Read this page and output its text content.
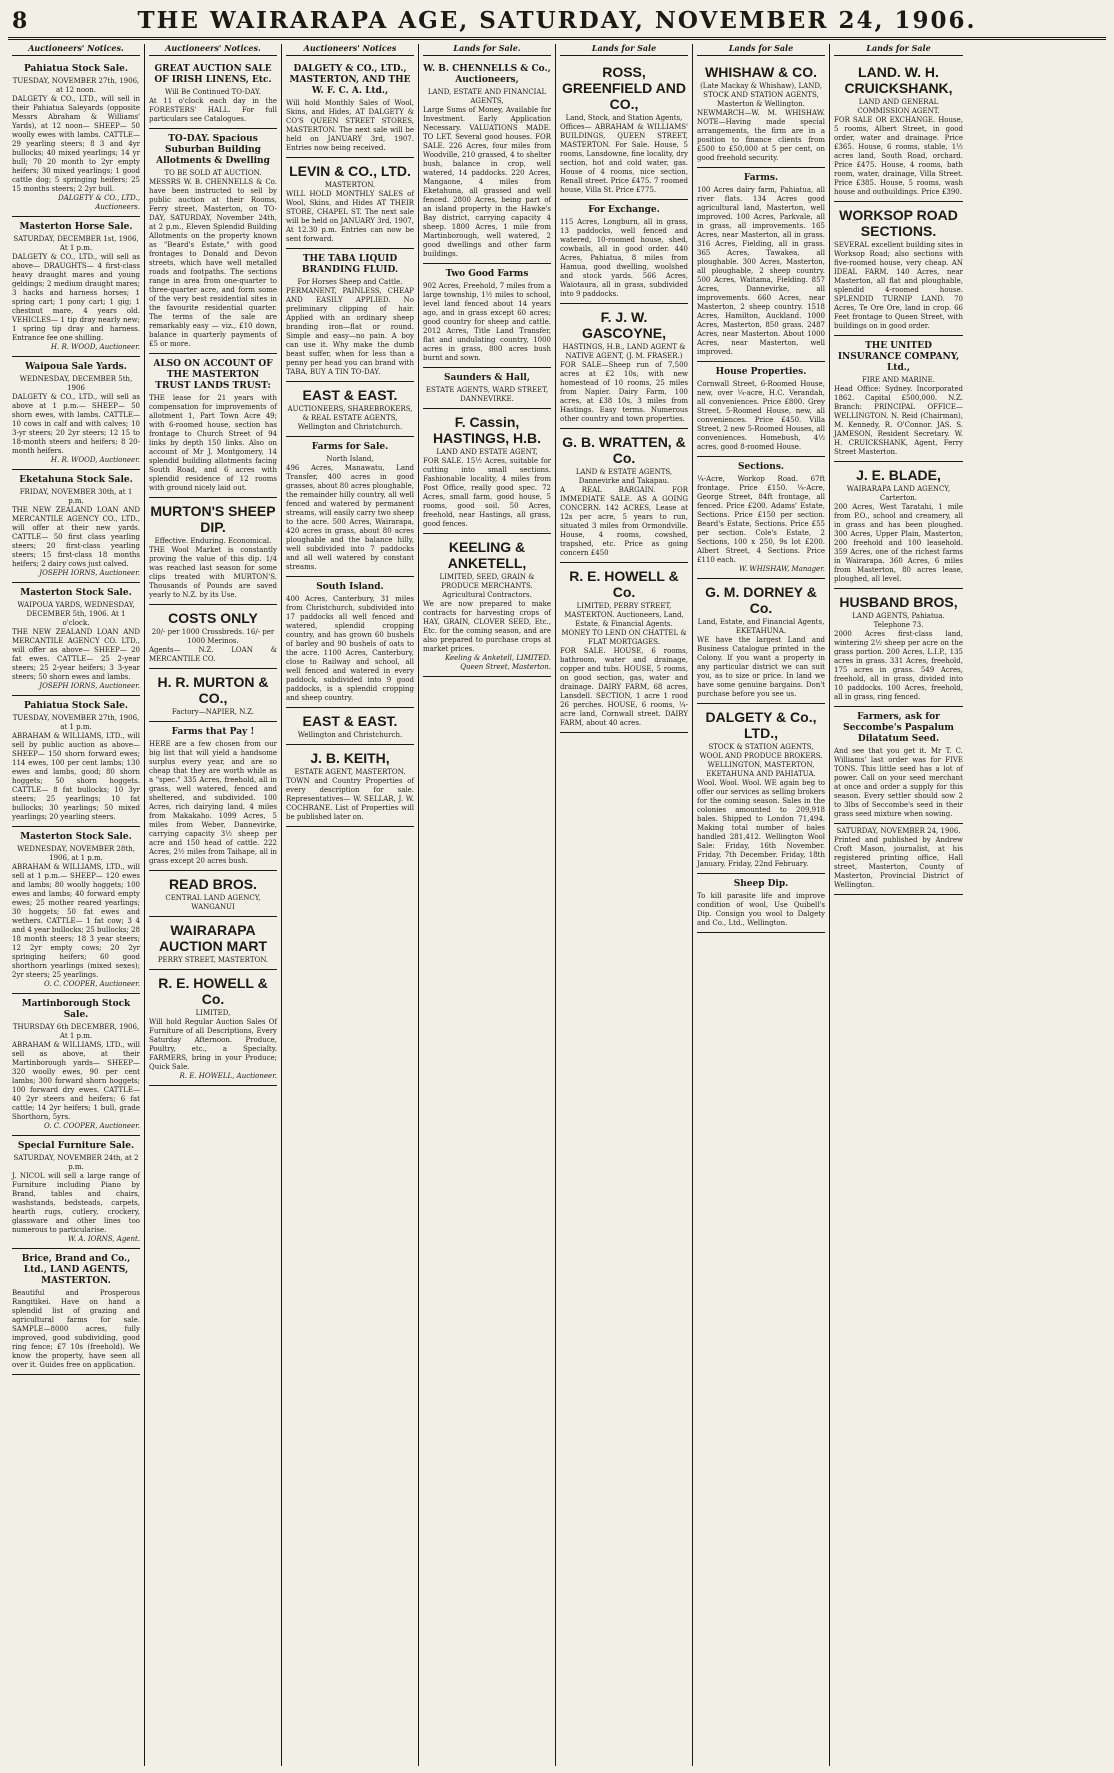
8	THE WAIRARAPA AGE, SATURDAY, NOVEMBER 24, 1906.
Auctioneers' Notices.
Pahiatua Stock Sale.
TUESDAY, NOVEMBER 27th, 1906, at 12 noon.
DALGETY & CO., LTD., will sell in their Pahiatua Saleyards (opposite Messrs Abraham & Williams' Yards), at 12 noon— SHEEP— 50 woolly ewes with lambs. CATTLE— 29 yearling steers; 8 3 and 4yr bullocks; 40 mixed yearlings; 14 yr bull; 70 20 month to 2yr empty heifers; 30 mixed yearlings; 1 good cattle dog; 5 springing heifers; 25 15 months steers; 2 2yr bull.
DALGETY & CO., LTD., Auctioneers.
Masterton Horse Sale.
SATURDAY, DECEMBER 1st, 1906, At 1 p.m.
DALGETY & CO., LTD., will sell as above— DRAUGHTS— 4 first-class heavy draught mares and young geldings; 2 medium draught mares; 3 hacks and harness horses; 1 spring cart; 1 pony cart; 1 gig; 1 chestnut mare, 4 years old. VEHICLES— 1 tip dray nearly new; 1 spring tip dray and harness. Entrance fee one shilling.
H. R. WOOD, Auctioneer.
Waipoua Sale Yards.
WEDNESDAY, DECEMBER 5th, 1906
DALGETY & CO., LTD., will sell as above at 1 p.m.— SHEEP— 50 shorn ewes, with lambs. CATTLE— 10 cows in calf and with calves; 10 3-yr steers; 20 2yr steers; 12 15 to 18-month steers and heifers; 8 20-month heifers.
H. R. WOOD, Auctioneer.
Eketahuna Stock Sale.
FRIDAY, NOVEMBER 30th, at 1 p.m.
THE NEW ZEALAND LOAN AND MERCANTILE AGENCY CO., LTD., will offer at their new yards. CATTLE— 50 first class yearling steers; 20 first-class yearling steers; 15 first-class 18 months heifers; 2 dairy cows just calved.
JOSEPH IORNS, Auctioneer.
Masterton Stock Sale.
WAIPOUA YARDS, WEDNESDAY, DECEMBER 5th, 1906. At 1 o'clock.
THE NEW ZEALAND LOAN AND MERCANTILE AGENCY CO. LTD., will offer as above— SHEEP— 20 fat ewes. CATTLE— 25 2-year steers; 25 2-year heifers; 3 3-year steers; 50 shorn ewes and lambs.
JOSEPH IORNS, Auctioneer.
Pahiatua Stock Sale.
TUESDAY, NOVEMBER 27th, 1906, at 1 p.m.
ABRAHAM & WILLIAMS, LTD., will sell by public auction as above— SHEEP— 150 shorn forward ewes; 114 ewes, 100 per cent lambs; 130 ewes and lambs, good; 80 shorn hoggets; 50 shorn hoggets. CATTLE— 8 fat bullocks; 10 3yr steers; 25 yearlings; 10 fat bullocks; 30 yearlings; 50 mixed yearlings; 20 yearling steers.
Masterton Stock Sale.
WEDNESDAY, NOVEMBER 28th, 1906, at 1 p.m.
ABRAHAM & WILLIAMS, LTD., will sell at 1 p.m.— SHEEP— 120 ewes and lambs; 80 woolly hoggets; 100 ewes and lambs; 40 forward empty ewes; 25 mother reared yearlings; 30 hoggets; 50 fat ewes and wethers. CATTLE— 1 fat cow; 3 4 and 4 year bullocks; 25 bullocks; 28 18 month steers; 18 3 year steers; 12 2yr empty cows; 20 2yr springing heifers; 60 good shorthorn yearlings (mixed sexes); 2yr steers; 25 yearlings.
O. C. COOPER, Auctioneer.
Martinborough Stock Sale.
THURSDAY 6th DECEMBER, 1906, At 1 p.m.
ABRAHAM & WILLIAMS, LTD., will sell as above, at their Martinborough yards— SHEEP— 320 woolly ewes, 90 per cent lambs; 300 forward shorn hoggets; 100 forward dry ewes. CATTLE— 40 2yr steers and heifers; 6 fat cattle; 14 2yr heifers; 1 bull, grade Shorthorn, 5yrs.
O. C. COOPER, Auctioneer.
Special Furniture Sale.
SATURDAY, NOVEMBER 24th, at 2 p.m.
J. NICOL will sell a large range of Furniture including Piano by Brand, tables and chairs, washstands, bedsteads, carpets, hearth rugs, cutlery, crockery, glassware and other lines too numerous to particularise.
W. A. IORNS, Agent.
Brice, Brand and Co., Ltd., LAND AGENTS, MASTERTON.
Beautiful and Prosperous Rangitikei. Have on hand a splendid list of grazing and agricultural farms for sale. SAMPLE—8000 acres, fully improved, good subdividing, good ring fence; £7 10s (freehold). We know the property, have seen all over it. Guides free on application.
Auctioneers' Notices.
GREAT AUCTION SALE OF IRISH LINENS, Etc.
Will Be Continued TO-DAY.
At 11 o'clock each day in the FORESTERS' HALL. For full particulars see Catalogues.
TO-DAY. Spacious Suburban Building Allotments & Dwelling
TO BE SOLD AT AUCTION.
MESSRS W. B. CHENNELLS & Co. have been instructed to sell by public auction at their Rooms, Ferry street, Masterton, on TO-DAY, SATURDAY, November 24th, at 2 p.m., Eleven Splendid Building Allotments on the property known as "Beard's Estate," with good frontages to Donald and Devon streets, which have well metalled roads and footpaths. The sections range in area from one-quarter to three-quarter acre, and form some of the very best residential sites in the favourite residential quarter. The terms of the sale are remarkably easy — viz., £10 down, balance in quarterly payments of £5 or more.
ALSO ON ACCOUNT OF THE MASTERTON TRUST LANDS TRUST:
THE lease for 21 years with compensation for improvements of allotment 1, Part Town Acre 49; with 6-roomed house, section has frontage to Church Street of 94 links by depth 150 links. Also on account of Mr J. Montgomery, 14 splendid building allotments facing South Road, and 6 acres with splendid residence of 12 rooms with ground nicely laid out.
MURTON'S SHEEP DIP.
Effective. Enduring. Economical.
THE Wool Market is constantly proving the value of this dip. 1/4 was reached last season for some clips treated with MURTON'S. Thousands of Pounds are saved yearly to N.Z. by its Use.
COSTS ONLY
20/- per 1000 Crossbreds. 16/- per 1000 Merinos.
Agents— N.Z. LOAN & MERCANTILE CO.
H. R. MURTON & CO.,
Factory—NAPIER, N.Z.
Farms that Pay !
HERE are a few chosen from our big list that will yield a handsome surplus every year, and are so cheap that they are worth while as a "spec." 335 Acres, freehold, all in grass, well watered, fenced and sheltered, and subdivided. 100 Acres, rich dairying land, 4 miles from Makakaho. 1099 Acres, 5 miles from Weber, Dannevirke, carrying capacity 3½ sheep per acre and 150 head of cattle. 222 Acres, 2½ miles from Taihape, all in grass except 20 acres bush.
READ BROS.
CENTRAL LAND AGENCY, WANGANUI
WAIRARAPA AUCTION MART
PERRY STREET, MASTERTON.
R. E. HOWELL & Co.
LIMITED,
Will hold Regular Auction Sales Of Furniture of all Descriptions, Every Saturday Afternoon. Produce, Poultry, etc., a Specialty. FARMERS, bring in your Produce; Quick Sale.
R. E. HOWELL, Auctioneer.
Auctioneers' Notices
DALGETY & CO., LTD., MASTERTON, AND THE W. F. C. A. Ltd.,
Will hold Monthly Sales of Wool, Skins, and Hides, AT DALGETY & CO'S QUEEN STREET STORES, MASTERTON. The next sale will be held on JANUARY 3rd, 1907. Entries now being received.
LEVIN & CO., LTD.
MASTERTON.
WILL HOLD MONTHLY SALES of Wool, Skins, and Hides AT THEIR STORE, CHAPEL ST. The next sale will be held on JANUARY 3rd, 1907, At 12.30 p.m. Entries can now be sent forward.
THE TABA LIQUID BRANDING FLUID.
For Horses Sheep and Cattle.
PERMANENT, PAINLESS, CHEAP AND EASILY APPLIED. No preliminary clipping of hair. Applied with an ordinary sheep branding iron—flat or round. Simple and easy—no pain. A boy can use it. Why make the dumb beast suffer, when for less than a penny per head you can brand with TABA, BUY A TIN TO-DAY.
EAST & EAST.
AUCTIONEERS, SHAREBROKERS, & REAL ESTATE AGENTS, Wellington and Christchurch.
Farms for Sale.
North Island,
496 Acres, Manawatu, Land Transfer, 400 acres in good grasses, about 80 acres ploughable, the remainder hilly country, all well fenced and watered by permanent streams, will easily carry two sheep to the acre. 500 Acres, Wairarapa, 420 acres in grass, about 80 acres ploughable and the balance hilly, well subdivided into 7 paddocks and all well watered by constant streams.
South Island.
400 Acres, Canterbury, 31 miles from Christchurch, subdivided into 17 paddocks all well fenced and watered, splendid cropping country, and has grown 60 bushels of barley and 90 bushels of oats to the acre. 1100 Acres, Canterbury, close to Railway and school, all well fenced and watered in every paddock, subdivided into 9 good paddocks, is a splendid cropping and sheep country.
EAST & EAST.
Wellington and Christchurch.
J. B. KEITH,
ESTATE AGENT, MASTERTON.
TOWN and Country Properties of every description for sale. Representatives— W. SELLAR, J. W. COCHRANE. List of Properties will be published later on.
Lands for Sale.
W. B. CHENNELLS & Co., Auctioneers,
LAND, ESTATE AND FINANCIAL AGENTS,
Large Sums of Money, Available for Investment. Early Application Necessary. VALUATIONS MADE. TO LET. Several good houses. FOR SALE. 226 Acres, four miles from Woodville, 210 grassed, 4 to shelter bush, balance in crop, well watered, 14 paddocks. 220 Acres, Mangaone, 4 miles from Eketahuna, all grassed and well fenced. 2800 Acres, being part of an island property in the Hawke's Bay district, carrying capacity 4 sheep. 1800 Acres, 1 mile from Martinborough, well watered, 2 good dwellings and other farm buildings.
Two Good Farms
902 Acres, Freehold, 7 miles from a large township, 1½ miles to school, level land fenced about 14 years ago, and in grass except 60 acres; good country for sheep and cattle. 2012 Acres, Title Land Transfer, flat and undulating country, 1000 acres in grass, 800 acres bush burnt and sown.
Saunders & Hall,
ESTATE AGENTS, WARD STREET, DANNEVIRKE.
F. Cassin, HASTINGS, H.B.
LAND AND ESTATE AGENT,
FOR SALE. 15½ Acres, suitable for cutting into small sections. Fashionable locality, 4 miles from Post Office, really good spec. 72 Acres, small farm, good house, 5 rooms, good soil. 50 Acres, freehold, near Hastings, all grass, good fences.
KEELING & ANKETELL,
LIMITED, SEED, GRAIN & PRODUCE MERCHANTS. Agricultural Contractors.
We are now prepared to make contracts for harvesting crops of HAY, GRAIN, CLOVER SEED, Etc., Etc. for the coming season, and are also prepared to purchase crops at market prices.
Keeling & Anketell, LIMITED. Queen Street, Masterton.
Lands for Sale
ROSS, GREENFIELD AND CO.,
Land, Stock, and Station Agents,
Offices— ABRAHAM & WILLIAMS' BUILDINGS, QUEEN STREET, MASTERTON. For Sale. House, 5 rooms, Lansdowne, fine locality, dry section, hot and cold water, gas. House of 4 rooms, nice section, Renall street. Price £475. 7 roomed house, Villa St. Price £775.
For Exchange.
115 Acres, Longburn, all in grass, 13 paddocks, well fenced and watered, 10-roomed house, shed, cowbails, all in good order. 440 Acres, Pahiatua, 8 miles from Hamua, good dwelling, woolshed and stock yards. 566 Acres, Waiotaura, all in grass, subdivided into 9 paddocks.
F. J. W. GASCOYNE,
HASTINGS, H.B., LAND AGENT & NATIVE AGENT, (J. M. FRASER.)
FOR SALE—Sheep run of 7,500 acres at £2 10s, with new homestead of 10 rooms, 25 miles from Napier. Dairy Farm, 100 acres, at £38 10s, 3 miles from Hastings. Easy terms. Numerous other country and town properties.
G. B. WRATTEN, & Co.
LAND & ESTATE AGENTS, Dannevirke and Takapau.
A REAL BARGAIN. FOR IMMEDIATE SALE. AS A GOING CONCERN. 142 ACRES, Lease at 12s per acre, 5 years to run, situated 3 miles from Ormondville. House, 4 rooms, cowshed, trapshed, etc. Price as going concern £450
R. E. HOWELL & Co.
LIMITED, PERRY STREET, MASTERTON. Auctioneers, Land, Estate, & Financial Agents. MONEY TO LEND ON CHATTEL & FLAT MORTGAGES.
FOR SALE. HOUSE, 6 rooms, bathroom, water and drainage, copper and tubs. HOUSE, 5 rooms, on good section, gas, water and drainage. DAIRY FARM, 68 acres, Lansdell. SECTION, 1 acre 1 rood 26 perches. HOUSE, 6 rooms, ¼-acre land, Cornwall street. DAIRY FARM, about 40 acres.
Lands for Sale
WHISHAW & CO.
(Late Mackay & Whishaw), LAND, STOCK AND STATION AGENTS, Masterton & Wellington.
NEWMARCH—W. M. WHISHAW. NOTE—Having made special arrangements, the firm are in a position to finance clients from £500 to £50,000 at 5 per cent, on good freehold security.
Farms.
100 Acres dairy farm, Pahiatua, all river flats. 134 Acres good agricultural land, Masterton, well improved. 100 Acres, Parkvale, all in grass, all improvements. 165 Acres, near Masterton, all in grass. 316 Acres, Fielding, all in grass. 365 Acres, Tawakea, all ploughable. 300 Acres, Masterton, all ploughable, 2 sheep country. 500 Acres, Waitama, Fielding. 857 Acres, Dannevirke, all improvements. 660 Acres, near Masterton, 2 sheep country. 1518 Acres, Hamilton, Auckland. 1000 Acres, Masterton, 850 grass. 2487 Acres, near Masterton. About 1000 Acres, near Masterton, well improved.
House Properties.
Cornwall Street, 6-Roomed House, new, over ¼-acre, H.C. Verandah, all conveniences. Price £800. Grey Street, 5-Roomed House, new, all conveniences. Price £450. Villa Street, 2 new 5-Roomed Houses, all conveniences. Homebush, 4½ acres, good 8-roomed House.
Sections.
¼-Acre, Workop Road. 67ft frontage. Price £150. ¼-Acre, George Street, 84ft frontage, all fenced. Price £200. Adams' Estate, Sections. Price £150 per section. Beard's Estate, Sections. Price £55 per section. Cole's Estate, 2 Sections, 100 x 250, 9s lot £200. Albert Street, 4 Sections. Price £110 each.
W. WHISHAW, Manager.
G. M. DORNEY & Co.
Land, Estate, and Financial Agents, EKETAHUNA.
WE have the largest Land and Business Catalogue printed in the Colony. If you want a property in any particular district we can suit you, as to size or price. In land we have some genuine bargains. Don't purchase before you see us.
DALGETY & Co., LTD.,
STOCK & STATION AGENTS, WOOL AND PRODUCE BROKERS. WELLINGTON, MASTERTON, EKETAHUNA AND PAHIATUA.
Wool. Wool. Wool. WE again beg to offer our services as selling brokers for the coming season. Sales in the colonies amounted to 209,918 bales. Shipped to London 71,494. Making total number of bales handled 281,412. Wellington Wool Sale: Friday, 16th November. Friday, 7th December. Friday, 18th January. Friday, 22nd February.
Sheep Dip.
To kill parasite life and improve condition of wool, Use Quibell's Dip. Consign you wool to Dalgety and Co., Ltd., Wellington.
Lands for Sale
LAND. W. H. CRUICKSHANK,
LAND AND GENERAL COMMISSION AGENT.
FOR SALE OR EXCHANGE. House, 5 rooms, Albert Street, in good order, water and drainage. Price £365. House, 6 rooms, stable, 1½ acres land, South Road, orchard. Price £475. House, 4 rooms, bath room, water, drainage, Villa Street. Price £385. House, 5 rooms, wash house and outbuildings. Price £390.
WORKSOP ROAD SECTIONS.
SEVERAL excellent building sites in Worksop Road; also sections with five-roomed house, very cheap. AN IDEAL FARM. 140 Acres, near Masterton, all flat and ploughable, splendid 4-roomed house. SPLENDID TURNIP LAND. 70 Acres, Te Ore Ore, land in crop. 66 Feet frontage to Queen Street, with buildings on in good order.
THE UNITED INSURANCE COMPANY, Ltd.,
FIRE AND MARINE.
Head Office: Sydney. Incorporated 1862. Capital £500,000. N.Z. Branch: PRINCIPAL OFFICE—WELLINGTON. N. Reid (Chairman), M. Kennedy, R. O'Connor. JAS. S. JAMESON, Resident Secretary. W. H. CRUICKSHANK, Agent, Ferry Street Masterton.
J. E. BLADE,
WAIRARAPA LAND AGENCY, Carterton.
200 Acres, West Taratahi, 1 mile from P.O., school and creamery, all in grass and has been ploughed. 300 Acres, Upper Plain, Masterton, 200 freehold and 100 leasehold. 359 Acres, one of the richest farms in Wairarapa. 360 Acres, 6 miles from Masterton, 80 acres lease, ploughed, all level.
HUSBAND BROS,
LAND AGENTS, Pahiatua. Telephone 73.
2000 Acres first-class land, wintering 2½ sheep per acre on the grass portion. 200 Acres, L.I.P., 135 acres in grass. 331 Acres, freehold, 175 acres in grass. 549 Acres, freehold, all in grass, divided into 10 paddocks. 100 Acres, freehold, all in grass, ring fenced.
Farmers, ask for Seccombe's Paspalum Dilatatum Seed.
And see that you get it. Mr T. C. Williams' last order was for FIVE TONS. This little seed has a lot of power. Call on your seed merchant at once and order a supply for this season. Every settler should sow 2 to 3lbs of Seccombe's seed in their grass seed mixture when sowing.
SATURDAY, NOVEMBER 24, 1906.
Printed and published by Andrew Croft Mason, journalist, at his registered printing office, Hall street, Masterton, County of Masterton, Provincial District of Wellington.
